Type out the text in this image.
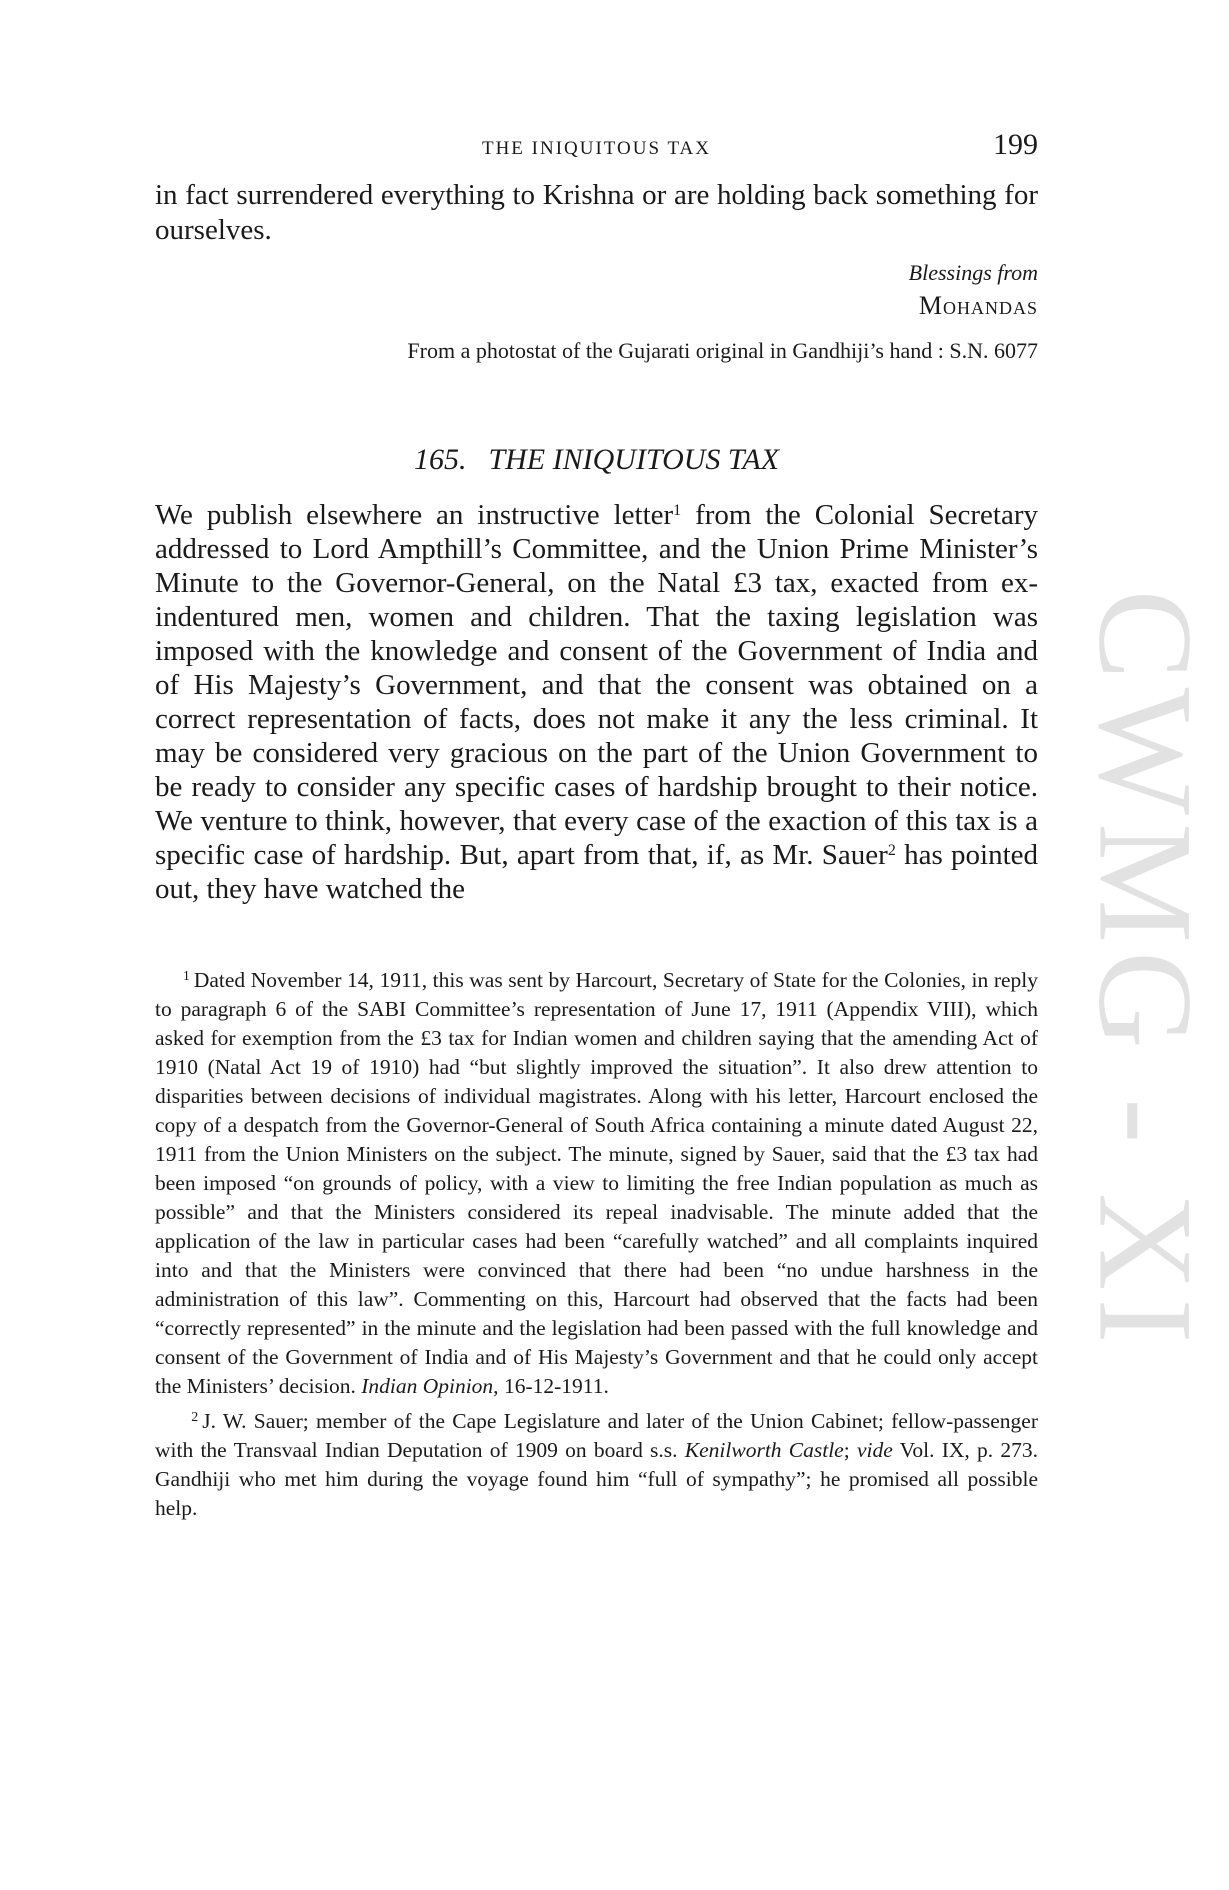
CWMG - XI
THE INIQUITOUS TAX	199

in fact surrendered everything to Krishna or are holding back something for ourselves.

Blessings from
Mohandas
From a photostat of the Gujarati original in Gandhiji’s hand : S.N. 6077
165. THE INIQUITOUS TAX

We publish elsewhere an instructive letter$^1$ from the Colonial Secretary addressed to Lord Ampthill’s Committee, and the Union Prime Minister’s Minute to the Governor-General, on the Natal £3 tax, exacted from ex-indentured men, women and children. That the taxing legislation was imposed with the knowledge and consent of the Government of India and of His Majesty’s Government, and that the consent was obtained on a correct representation of facts, does not make it any the less criminal. It may be considered very gracious on the part of the Union Government to be ready to consider any specific cases of hardship brought to their notice. We venture to think, however, that every case of the exaction of this tax is a specific case of hardship. But, apart from that, if, as Mr. Sauer$^2$ has pointed out, they have watched the

$^1$ Dated November 14, 1911, this was sent by Harcourt, Secretary of State for the Colonies, in reply to paragraph 6 of the SABI Committee’s representation of June 17, 1911 (Appendix VIII), which asked for exemption from the £3 tax for Indian women and children saying that the amending Act of 1910 (Natal Act 19 of 1910) had “but slightly improved the situation”. It also drew attention to disparities between decisions of individual magistrates. Along with his letter, Harcourt enclosed the copy of a despatch from the Governor-General of South Africa containing a minute dated August 22, 1911 from the Union Ministers on the subject. The minute, signed by Sauer, said that the £3 tax had been imposed “on grounds of policy, with a view to limiting the free Indian population as much as possible” and that the Ministers considered its repeal inadvisable. The minute added that the application of the law in particular cases had been “carefully watched” and all complaints inquired into and that the Ministers were convinced that there had been “no undue harshness in the administration of this law”. Commenting on this, Harcourt had observed that the facts had been “correctly represented” in the minute and the legislation had been passed with the full knowledge and consent of the Government of India and of His Majesty’s Government and that he could only accept the Ministers’ decision. Indian Opinion, 16-12-1911.

$^2$ J. W. Sauer; member of the Cape Legislature and later of the Union Cabinet; fellow-passenger with the Transvaal Indian Deputation of 1909 on board s.s. Kenilworth Castle; vide Vol. IX, p. 273. Gandhiji who met him during the voyage found him “full of sympathy”; he promised all possible help.
